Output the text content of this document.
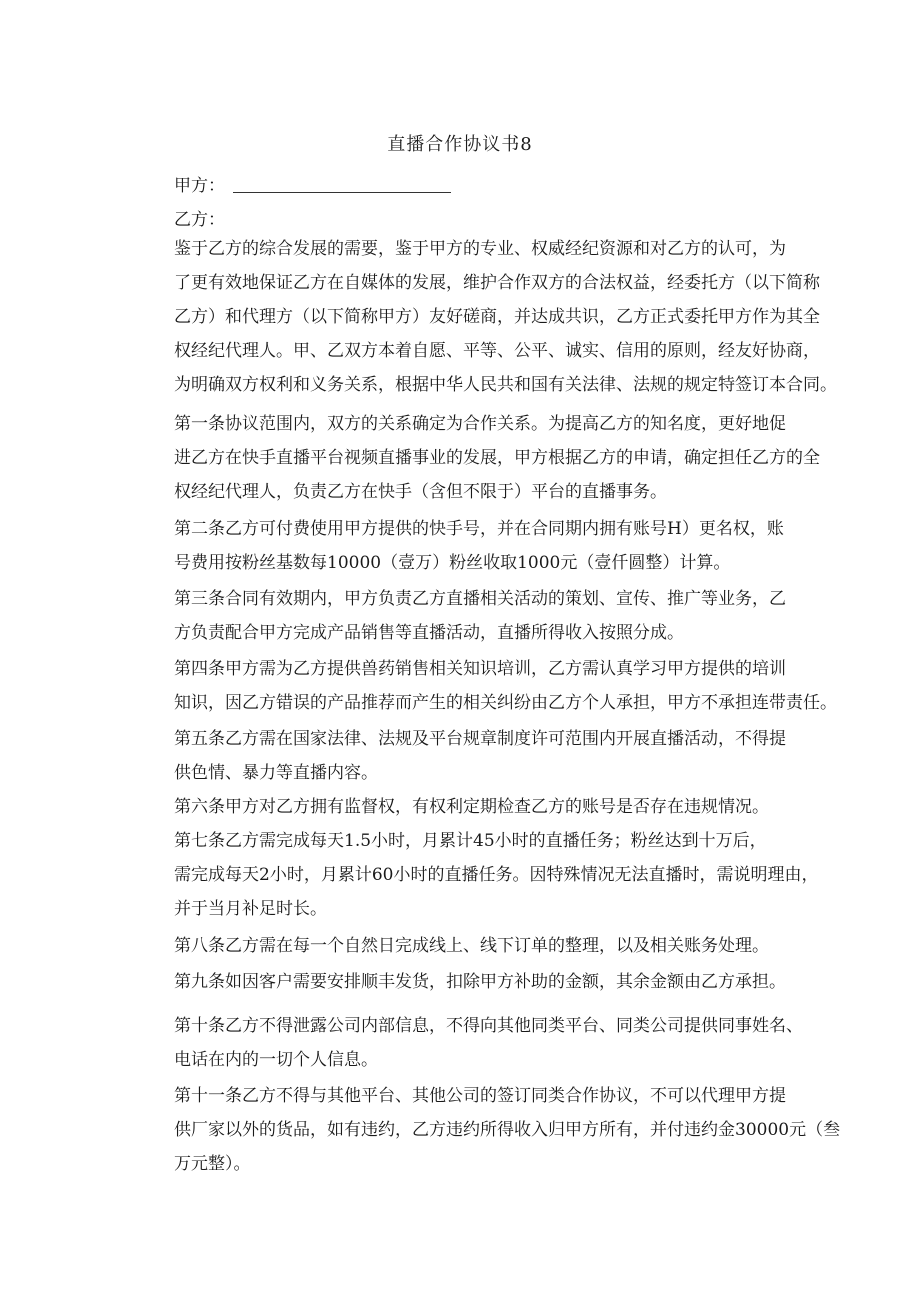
直播合作协议书8
甲方：
乙方：
鉴于乙方的综合发展的需要，鉴于甲方的专业、权威经纪资源和对乙方的认可，为
了更有效地保证乙方在自媒体的发展，维护合作双方的合法权益，经委托方（以下简称
乙方）和代理方（以下简称甲方）友好磋商，并达成共识，乙方正式委托甲方作为其全
权经纪代理人。甲、乙双方本着自愿、平等、公平、诚实、信用的原则，经友好协商，
为明确双方权利和义务关系，根据中华人民共和国有关法律、法规的规定特签订本合同。
第一条协议范围内，双方的关系确定为合作关系。为提高乙方的知名度，更好地促
进乙方在快手直播平台视频直播事业的发展，甲方根据乙方的申请，确定担任乙方的全
权经纪代理人，负责乙方在快手（含但不限于）平台的直播事务。
第二条乙方可付费使用甲方提供的快手号，并在合同期内拥有账号H）更名权，账
号费用按粉丝基数每10000（壹万）粉丝收取1000元（壹仟圆整）计算。
第三条合同有效期内，甲方负责乙方直播相关活动的策划、宣传、推广等业务，乙
方负责配合甲方完成产品销售等直播活动，直播所得收入按照分成。
第四条甲方需为乙方提供兽药销售相关知识培训，乙方需认真学习甲方提供的培训
知识，因乙方错误的产品推荐而产生的相关纠纷由乙方个人承担，甲方不承担连带责任。
第五条乙方需在国家法律、法规及平台规章制度许可范围内开展直播活动，不得提
供色情、暴力等直播内容。
第六条甲方对乙方拥有监督权，有权利定期检查乙方的账号是否存在违规情况。
第七条乙方需完成每天1.5小时，月累计45小时的直播任务；粉丝达到十万后，
需完成每天2小时，月累计60小时的直播任务。因特殊情况无法直播时，需说明理由，
并于当月补足时长。
第八条乙方需在每一个自然日完成线上、线下订单的整理，以及相关账务处理。
第九条如因客户需要安排顺丰发货，扣除甲方补助的金额，其余金额由乙方承担。
第十条乙方不得泄露公司内部信息，不得向其他同类平台、同类公司提供同事姓名、
电话在内的一切个人信息。
第十一条乙方不得与其他平台、其他公司的签订同类合作协议，不可以代理甲方提
供厂家以外的货品，如有违约，乙方违约所得收入归甲方所有，并付违约金30000元（叁
万元整）。
